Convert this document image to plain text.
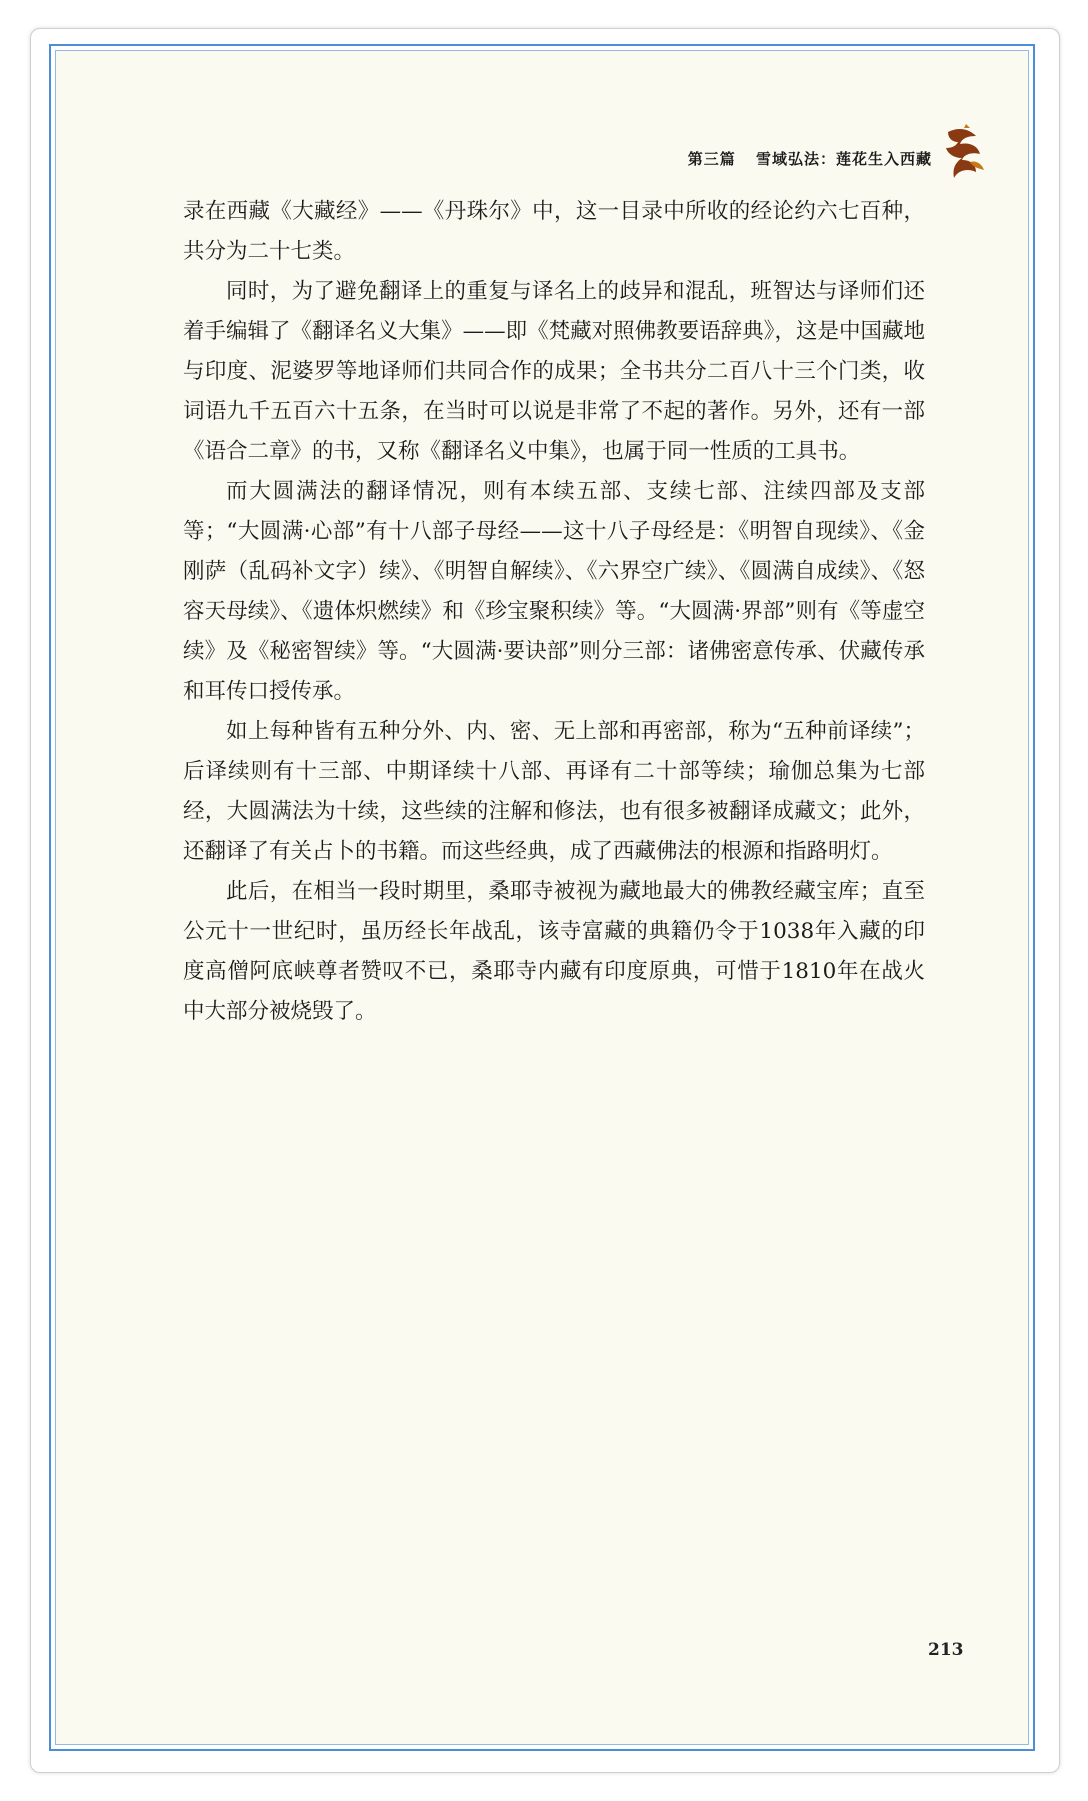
第三篇 雪域弘法：莲花生入西藏

录在西藏《大藏经》——《丹珠尔》中，这一目录中所收的经论约六七百种，共分为二十七类。

同时，为了避免翻译上的重复与译名上的歧异和混乱，班智达与译师们还着手编辑了《翻译名义大集》——即《梵藏对照佛教要语辞典》，这是中国藏地与印度、泥婆罗等地译师们共同合作的成果；全书共分二百八十三个门类，收词语九千五百六十五条，在当时可以说是非常了不起的著作。另外，还有一部《语合二章》的书，又称《翻译名义中集》，也属于同一性质的工具书。

而大圆满法的翻译情况，则有本续五部、支续七部、注续四部及支部等；“大圆满·心部”有十八部子母经——这十八子母经是：《明智自现续》、《金刚萨（乱码补文字）续》、《明智自解续》、《六界空广续》、《圆满自成续》、《怒容天母续》、《遗体炽燃续》和《珍宝聚积续》等。“大圆满·界部”则有《等虚空续》及《秘密智续》等。“大圆满·要诀部”则分三部：诸佛密意传承、伏藏传承和耳传口授传承。

如上每种皆有五种分外、内、密、无上部和再密部，称为“五种前译续”；后译续则有十三部、中期译续十八部、再译有二十部等续；瑜伽总集为七部经，大圆满法为十续，这些续的注解和修法，也有很多被翻译成藏文；此外，还翻译了有关占卜的书籍。而这些经典，成了西藏佛法的根源和指路明灯。

此后，在相当一段时期里，桑耶寺被视为藏地最大的佛教经藏宝库；直至公元十一世纪时，虽历经长年战乱，该寺富藏的典籍仍令于1038年入藏的印度高僧阿底峡尊者赞叹不已，桑耶寺内藏有印度原典，可惜于1810年在战火中大部分被烧毁了。

213
